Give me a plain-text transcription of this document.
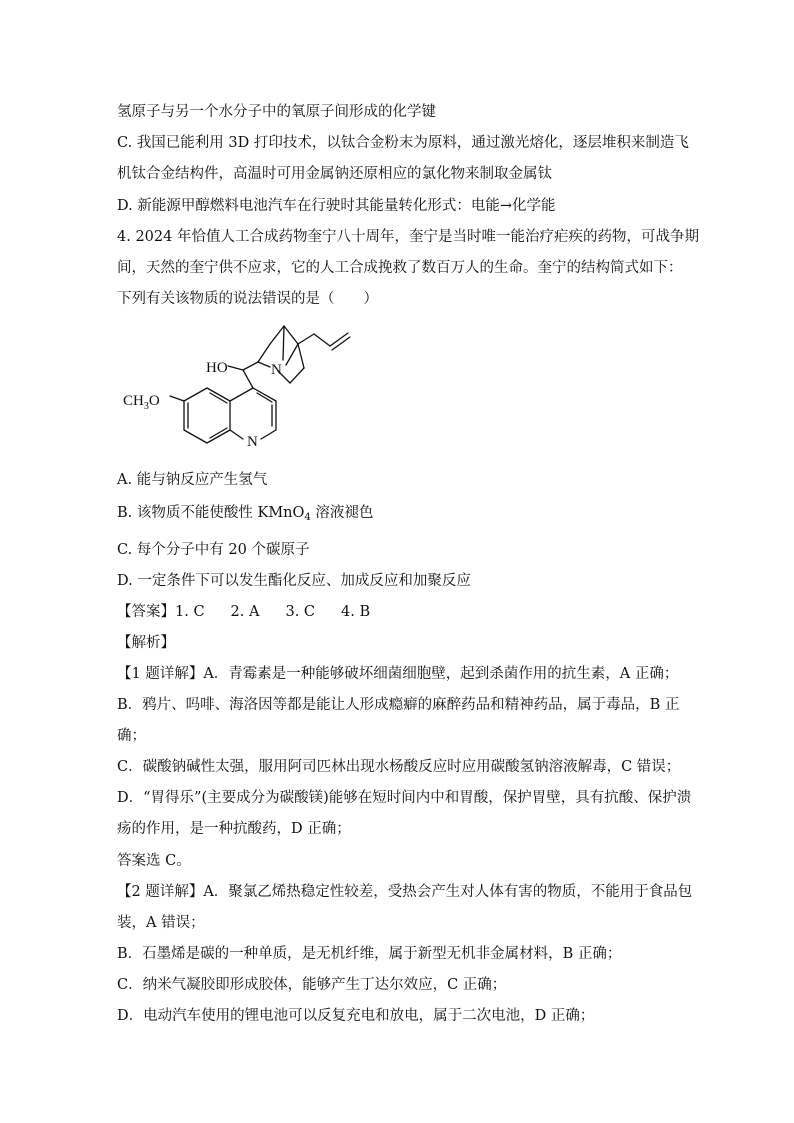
氢原子与另一个水分子中的氧原子间形成的化学键
C. 我国已能利用 3D 打印技术，以钛合金粉末为原料，通过激光熔化，逐层堆积来制造飞
机钛合金结构件，高温时可用金属钠还原相应的氯化物来制取金属钛
D. 新能源甲醇燃料电池汽车在行驶时其能量转化形式：电能→化学能
4. 2024 年恰值人工合成药物奎宁八十周年，奎宁是当时唯一能治疗疟疾的药物，可战争期
间，天然的奎宁供不应求，它的人工合成挽救了数百万人的生命。奎宁的结构简式如下：
下列有关该物质的说法错误的是（　　）
HO	N
N
$CH_3O$
A. 能与钠反应产生氢气
B. 该物质不能使酸性 KMnO$_4$ 溶液褪色
C. 每个分子中有 20 个碳原子
D. 一定条件下可以发生酯化反应、加成反应和加聚反应
【答案】1. C 2. A 3. C 4. B
【解析】
【1 题详解】A．青霉素是一种能够破坏细菌细胞壁，起到杀菌作用的抗生素，A 正确；
B．鸦片、吗啡、海洛因等都是能让人形成瘾癖的麻醉药品和精神药品，属于毒品，B 正
确；
C．碳酸钠碱性太强，服用阿司匹林出现水杨酸反应时应用碳酸氢钠溶液解毒，C 错误；
D．“胃得乐”(主要成分为碳酸镁)能够在短时间内中和胃酸，保护胃壁，具有抗酸、保护溃
疡的作用，是一种抗酸药，D 正确；
答案选 C。
【2 题详解】A．聚氯乙烯热稳定性较差，受热会产生对人体有害的物质，不能用于食品包
装，A 错误；
B．石墨烯是碳的一种单质，是无机纤维，属于新型无机非金属材料，B 正确；
C．纳米气凝胶即形成胶体，能够产生丁达尔效应，C 正确；
D．电动汽车使用的锂电池可以反复充电和放电，属于二次电池，D 正确；
